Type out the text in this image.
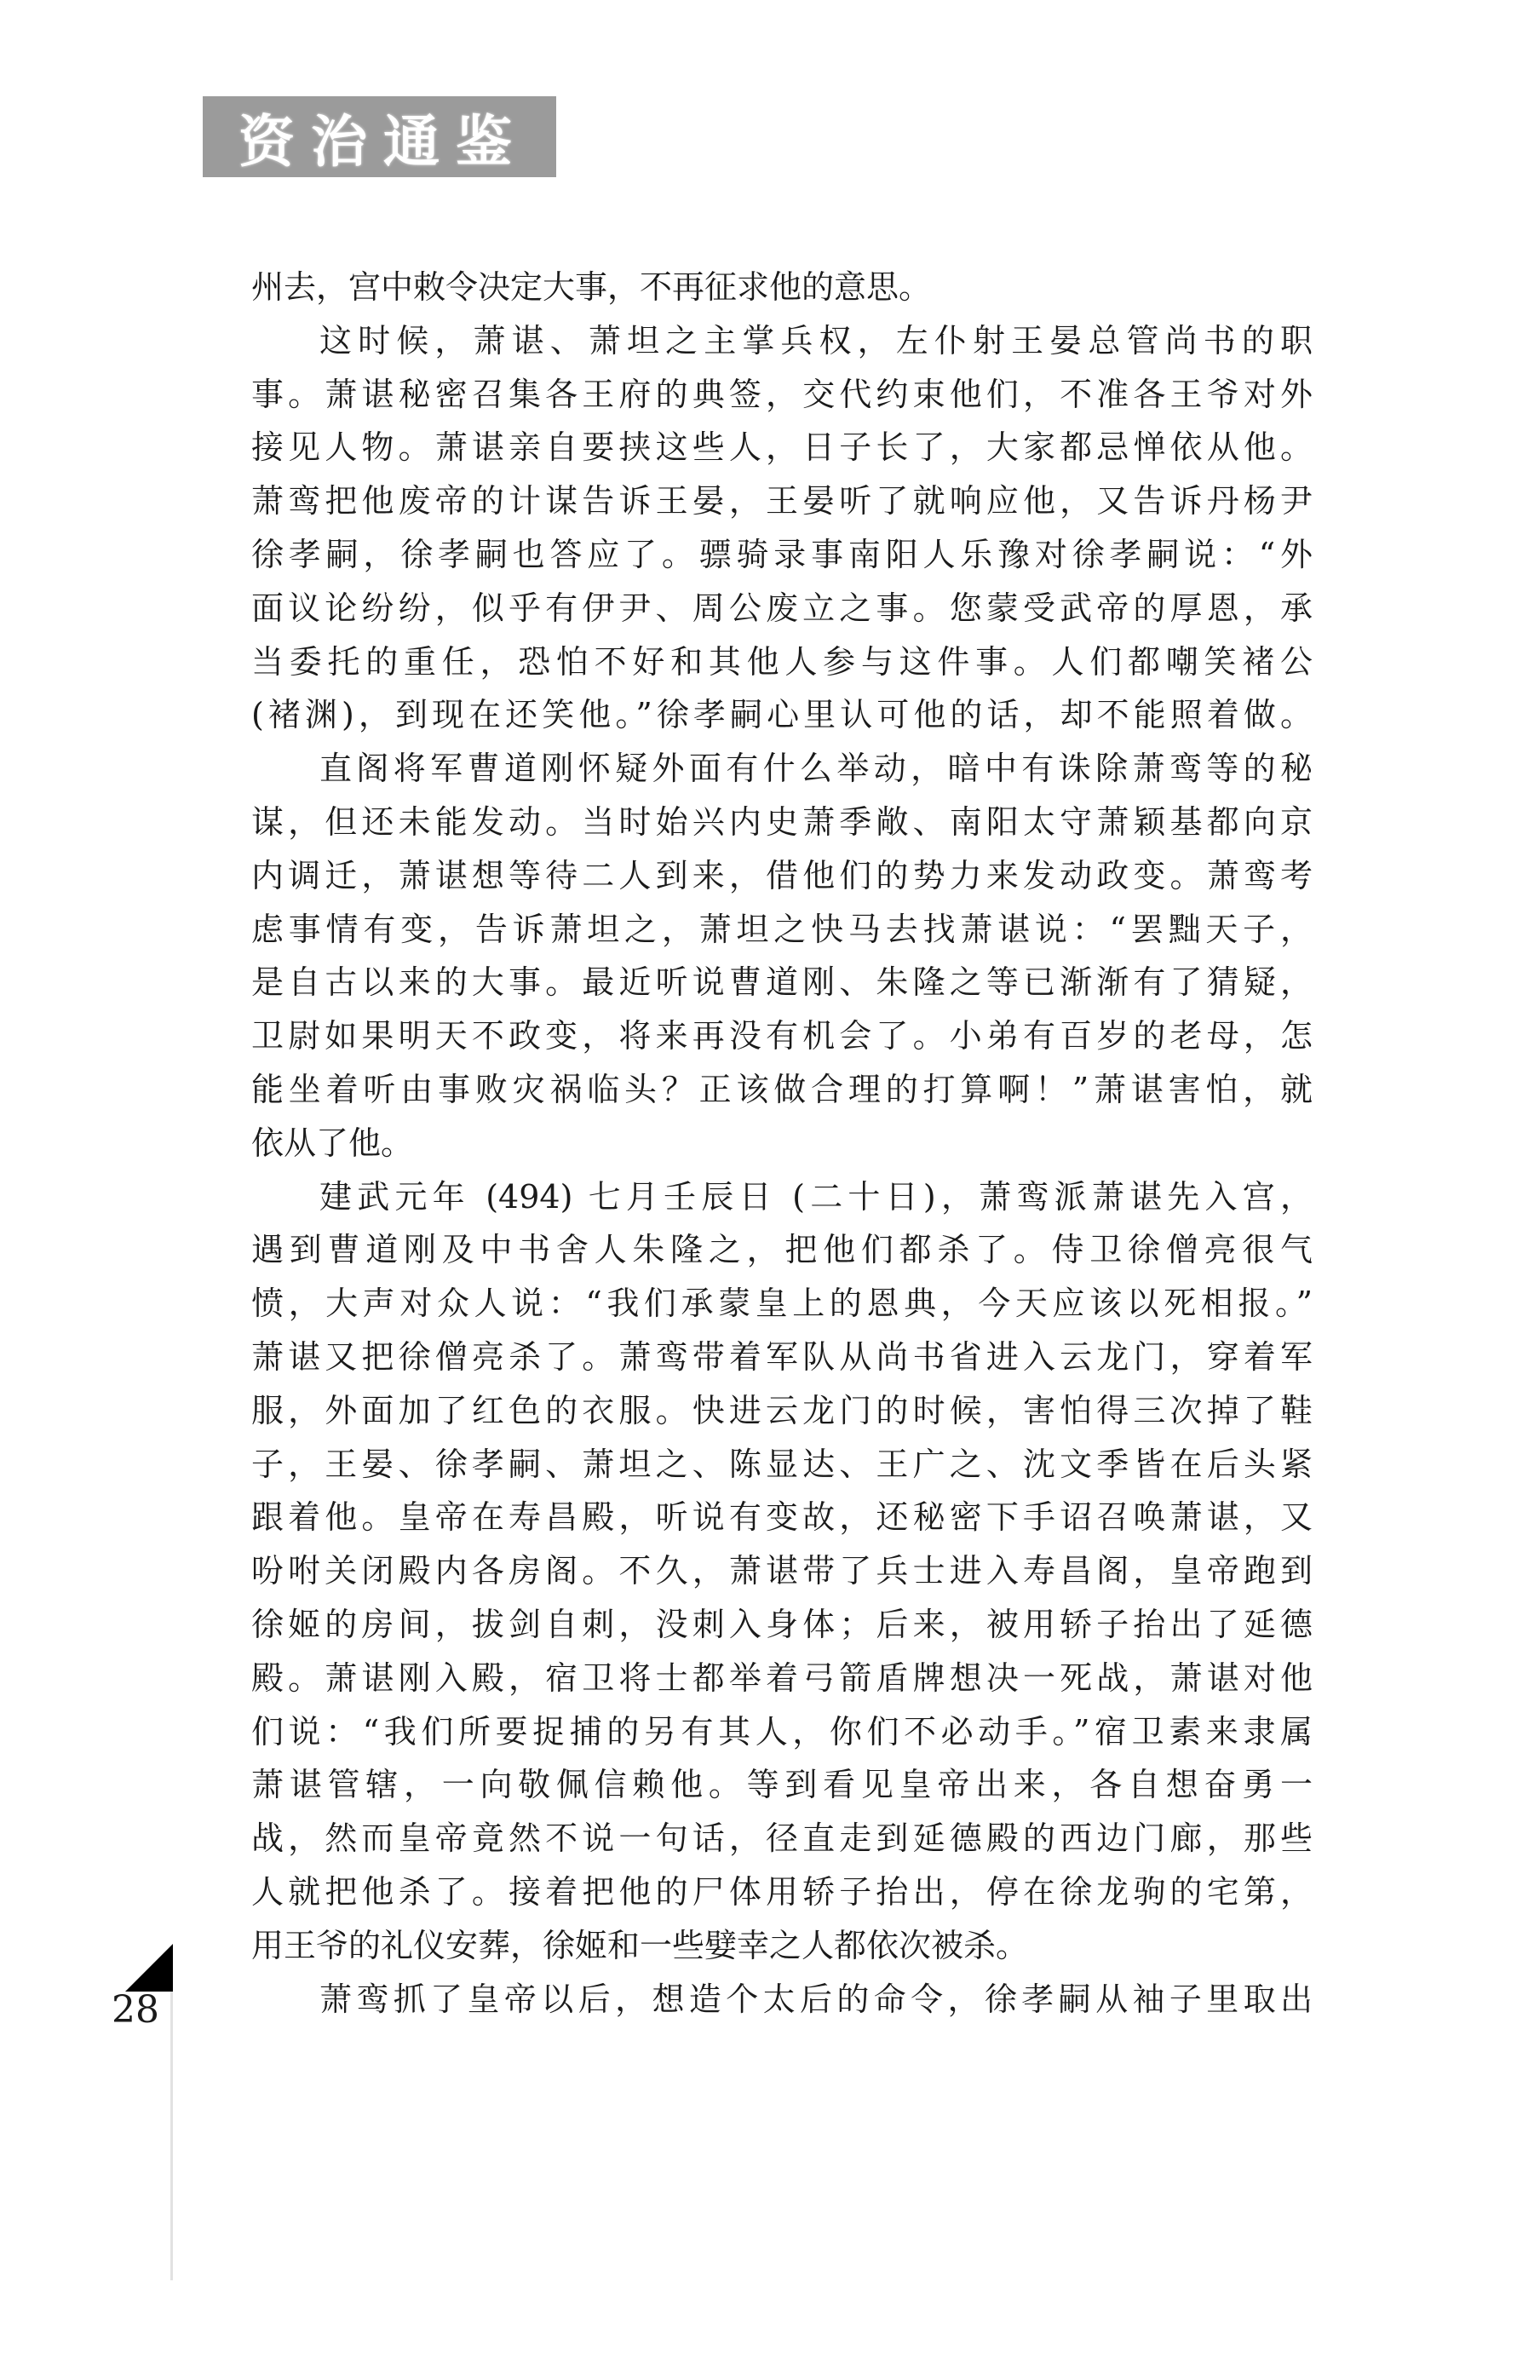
资治通鉴
州去，宫中敕令决定大事，不再征求他的意思。
这时候，萧谌、萧坦之主掌兵权，左仆射王晏总管尚书的职
事。萧谌秘密召集各王府的典签，交代约束他们，不准各王爷对外
接见人物。萧谌亲自要挟这些人，日子长了，大家都忌惮依从他。
萧鸾把他废帝的计谋告诉王晏，王晏听了就响应他，又告诉丹杨尹
徐孝嗣，徐孝嗣也答应了。骠骑录事南阳人乐豫对徐孝嗣说：“外
面议论纷纷，似乎有伊尹、周公废立之事。您蒙受武帝的厚恩，承
当委托的重任，恐怕不好和其他人参与这件事。人们都嘲笑褚公
(褚渊)，到现在还笑他。”徐孝嗣心里认可他的话，却不能照着做。
直阁将军曹道刚怀疑外面有什么举动，暗中有诛除萧鸾等的秘
谋，但还未能发动。当时始兴内史萧季敞、南阳太守萧颖基都向京
内调迁，萧谌想等待二人到来，借他们的势力来发动政变。萧鸾考
虑事情有变，告诉萧坦之，萧坦之快马去找萧谌说：“罢黜天子，
是自古以来的大事。最近听说曹道刚、朱隆之等已渐渐有了猜疑，
卫尉如果明天不政变，将来再没有机会了。小弟有百岁的老母，怎
能坐着听由事败灾祸临头？正该做合理的打算啊！”萧谌害怕，就
依从了他。
建武元年 (494) 七月壬辰日 (二十日)，萧鸾派萧谌先入宫，
遇到曹道刚及中书舍人朱隆之，把他们都杀了。侍卫徐僧亮很气
愤，大声对众人说：“我们承蒙皇上的恩典，今天应该以死相报。”
萧谌又把徐僧亮杀了。萧鸾带着军队从尚书省进入云龙门，穿着军
服，外面加了红色的衣服。快进云龙门的时候，害怕得三次掉了鞋
子，王晏、徐孝嗣、萧坦之、陈显达、王广之、沈文季皆在后头紧
跟着他。皇帝在寿昌殿，听说有变故，还秘密下手诏召唤萧谌，又
吩咐关闭殿内各房阁。不久，萧谌带了兵士进入寿昌阁，皇帝跑到
徐姬的房间，拔剑自刺，没刺入身体；后来，被用轿子抬出了延德
殿。萧谌刚入殿，宿卫将士都举着弓箭盾牌想决一死战，萧谌对他
们说：“我们所要捉捕的另有其人，你们不必动手。”宿卫素来隶属
萧谌管辖，一向敬佩信赖他。等到看见皇帝出来，各自想奋勇一
战，然而皇帝竟然不说一句话，径直走到延德殿的西边门廊，那些
人就把他杀了。接着把他的尸体用轿子抬出，停在徐龙驹的宅第，
用王爷的礼仪安葬，徐姬和一些嬖幸之人都依次被杀。
萧鸾抓了皇帝以后，想造个太后的命令，徐孝嗣从袖子里取出
28
